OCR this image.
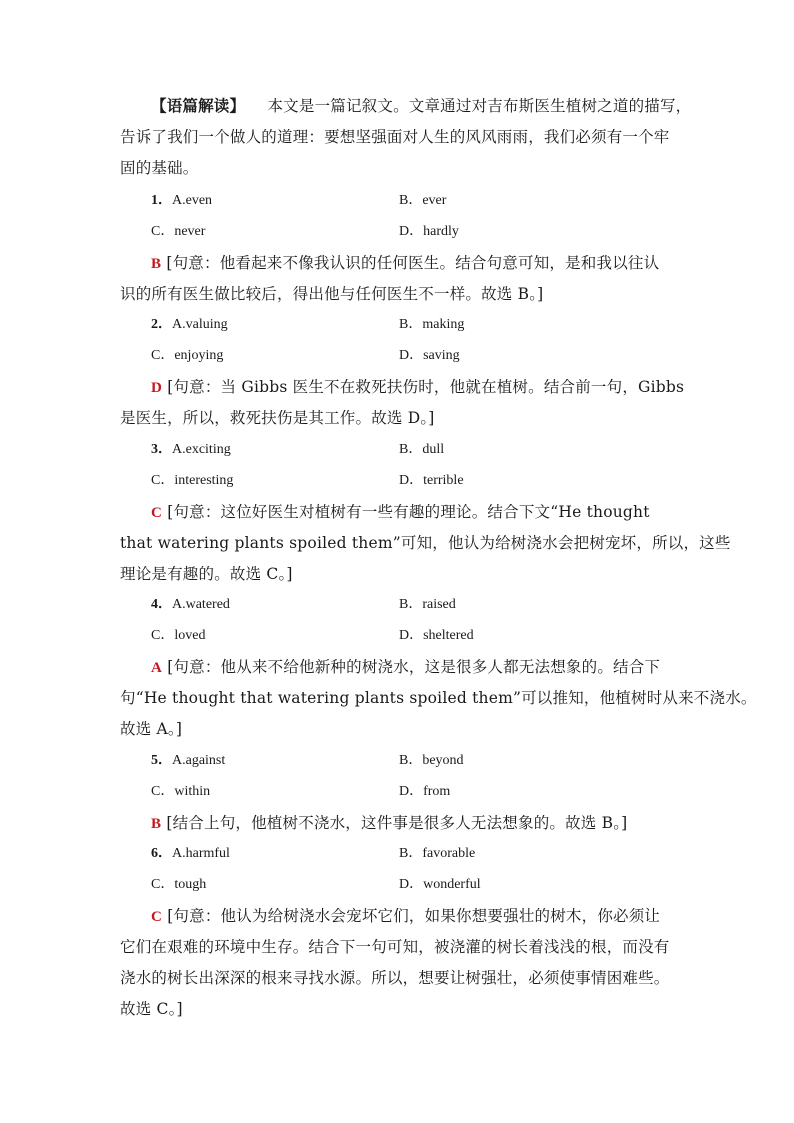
【语篇解读】 本文是一篇记叙文。文章通过对吉布斯医生植树之道的描写，
告诉了我们一个做人的道理：要想坚强面对人生的风风雨雨，我们必须有一个牢
固的基础。
1．A.even	B．ever
C．never	D．hardly
B [句意：他看起来不像我认识的任何医生。结合句意可知，是和我以往认
识的所有医生做比较后，得出他与任何医生不一样。故选 B。]
2．A.valuing	B．making
C．enjoying	D．saving
D [句意：当 Gibbs 医生不在救死扶伤时，他就在植树。结合前一句，Gibbs
是医生，所以，救死扶伤是其工作。故选 D。]
3．A.exciting	B．dull
C．interesting	D．terrible
C [句意：这位好医生对植树有一些有趣的理论。结合下文“He thought
that watering plants spoiled them”可知，他认为给树浇水会把树宠坏，所以，这些
理论是有趣的。故选 C。]
4．A.watered	B．raised
C．loved	D．sheltered
A [句意：他从来不给他新种的树浇水，这是很多人都无法想象的。结合下
句“He thought that watering plants spoiled them”可以推知，他植树时从来不浇水。
故选 A。]
5．A.against	B．beyond
C．within	D．from
B [结合上句，他植树不浇水，这件事是很多人无法想象的。故选 B。]
6．A.harmful	B．favorable
C．tough	D．wonderful
C [句意：他认为给树浇水会宠坏它们，如果你想要强壮的树木，你必须让
它们在艰难的环境中生存。结合下一句可知，被浇灌的树长着浅浅的根，而没有
浇水的树长出深深的根来寻找水源。所以，想要让树强壮，必须使事情困难些。
故选 C。]
